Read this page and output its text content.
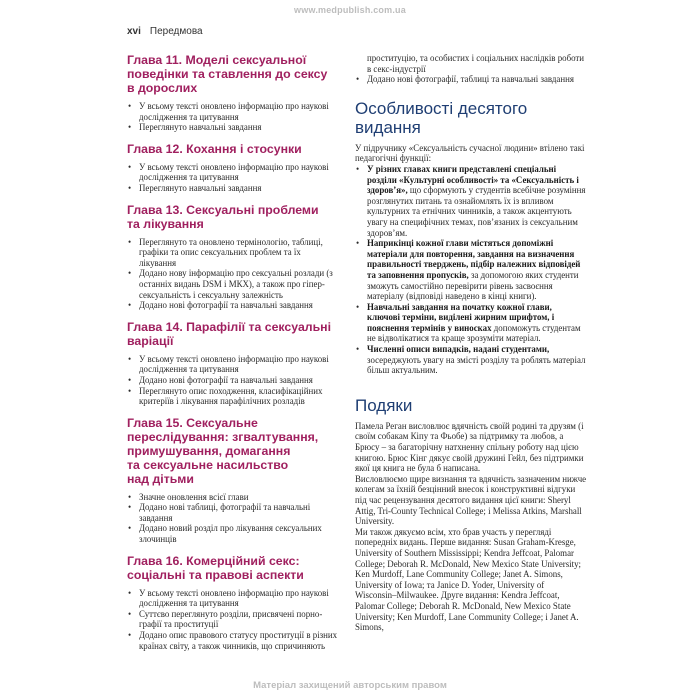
www.medpublish.com.ua
xvi Передмова
Глава 11. Моделі сексуальної
поведінки та ставлення до сексу
в дорослих
• У всьому тексті оновлено інформацію про наукові дослідження та цитування
• Переглянуто навчальні завдання
Глава 12. Кохання і стосунки
• У всьому тексті оновлено інформацію про наукові дослідження та цитування
• Переглянуто навчальні завдання
Глава 13. Сексуальні проблеми
та лікування
• Переглянуто та оновлено термінологію, таблиці, графіки та опис сексуальних проблем та їх лікування
• Додано нову інформацію про сексуальні розлади (з останніх видань DSM і МКХ), а також про гіпер-сексуальність і сексуальну залежність
• Додано нові фотографії та навчальні завдання
Глава 14. Парафілії та сексуальні
варіації
• У всьому тексті оновлено інформацію про наукові дослідження та цитування
• Додано нові фотографії та навчальні завдання
• Переглянуто опис походження, класифікаційних критеріїв і лікування парафілічних розладів
Глава 15. Сексуальне
переслідування: згвалтування,
примушування, домагання
та сексуальне насильство
над дітьми
• Значне оновлення всієї глави
• Додано нові таблиці, фотографії та навчальні завдання
• Додано новий розділ про лікування сексуальних злочинців
Глава 16. Комерційний секс:
соціальні та правові аспекти
• У всьому тексті оновлено інформацію про наукові дослідження та цитування
• Суттєво переглянуто розділи, присвячені порно-графії та проституції
• Додано опис правового статусу проституції в різних країнах світу, а також чинників, що спричиняють

проституцію, та особистих і соціальних наслідків роботи в секс-індустрії

• Додано нові фотографії, таблиці та навчальні завдання
Особливості десятого
видання

У підручнику «Сексуальність сучасної людини» втілено такі педагогічні функції:

• У різних главах книги представлені спеціальні розділи «Культурні особливості» та «Сексуальність і здоров’я», що сформують у студентів всебічне розуміння розглянутих питань та ознайомлять їх із впливом культурних та етнічних чинників, а також акцентують увагу на специфічних темах, пов’язаних із сексуальним здоров’ям.
• Наприкінці кожної глави містяться допоміжні матеріали для повторення, завдання на визначення правильності тверджень, підбір належних відповідей та заповнення пропусків, за допомогою яких студенти зможуть самостійно перевірити рівень засвоєння матеріалу (відповіді наведено в кінці книги).
• Навчальні завдання на початку кожної глави, ключові терміни, виділені жирним шрифтом, і пояснення термінів у виносках допоможуть студентам не відволікатися та краще зрозуміти матеріал.
• Численні описи випадків, надані студентами, зосереджують увагу на змісті розділу та роблять матеріал більш актуальним.
Подяки

Памела Реган висловлює вдячність своїй родині та друзям (і своїм собакам Кіпу та Фьобе) за підтримку та любов, а Брюсу – за багаторічну натхненну спільну роботу над цією книгою. Брюс Кінг дякує своїй дружині Гейл, без підтримки якої ця книга не була б написана.

Висловлюємо щире визнання та вдячність зазначеним нижче колегам за їхній безцінний внесок і конструктивні відгуки під час рецензування десятого видання цієї книги: Sheryl Attig, Tri-County Technical College; і Melissa Atkins, Marshall University.

Ми також дякуємо всім, хто брав участь у перегляді попередніх видань. Перше видання: Susan Graham-Kresge, University of Southern Mississippi; Kendra Jeffcoat, Palomar College; Deborah R. McDonald, New Mexico State University; Ken Murdoff, Lane Community College; Janet A. Simons, University of Iowa; та Janice D. Yoder, University of Wisconsin–Milwaukee. Друге видання: Kendra Jeffcoat, Palomar College; Deborah R. McDonald, New Mexico State University; Ken Murdoff, Lane Community College; і Janet A. Simons,

Матеріал захищений авторським правом
